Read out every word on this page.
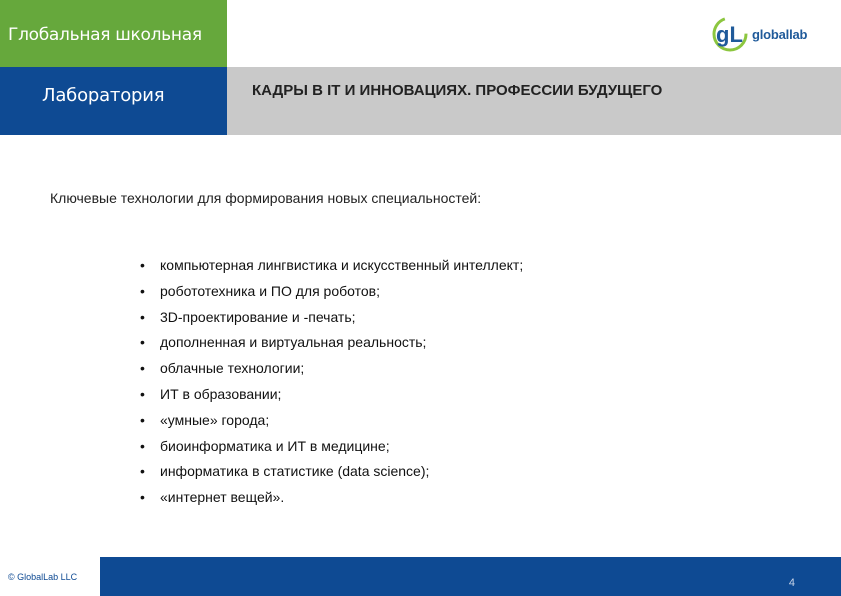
Глобальная школьная	gL globallab
Лаборатория	КАДРЫ В IT И ИННОВАЦИЯХ. ПРОФЕССИИ БУДУЩЕГО
Ключевые технологии для формирования новых специальностей:
• компьютерная лингвистика и искусственный интеллект;
• робототехника и ПО для роботов;
• 3D-проектирование и -печать;
• дополненная и виртуальная реальность;
• облачные технологии;
• ИТ в образовании;
• «умные» города;
• биоинформатика и ИТ в медицине;
• информатика в статистике (data science);
• «интернет вещей».
© GlobalLab LLC	4
